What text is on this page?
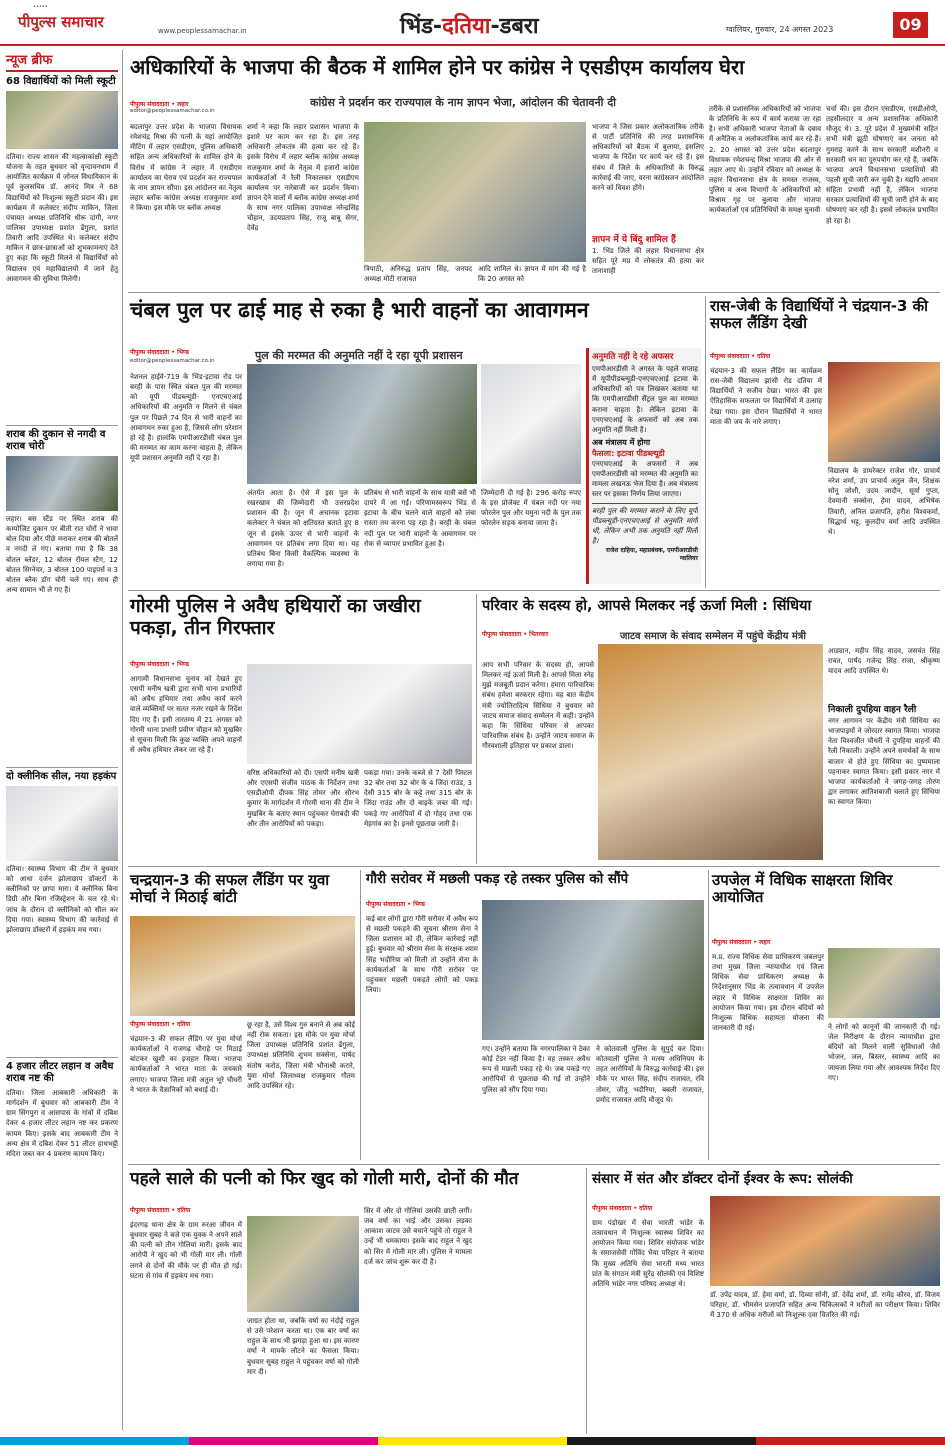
•••••
पीपुल्स समाचार	www.peoplessamachar.in	भिंड-दतिया-डबरा	ग्वालियर, गुरुवार, 24 अगस्त 2023	09
न्यूज ब्रीफ
68 विद्यार्थियों को मिली स्कूटी
दतिया। राज्य शासन की महत्वाकांक्षी स्कूटी योजना के तहत बुधवार को वृन्दावनधाम में आयोजित कार्यक्रम में जोनल विधायिकान के पूर्व कुलसचिव डॉ. आनंद मित्र ने 68 विद्यार्थियों को निःशुल्क स्कूटी प्रदान की। इस कार्यक्रम में कलेक्टर संदीप माकिन, जिला पंचायत अध्यक्ष प्रतिनिधि धीरू दांगी, नगर पालिका उपाध्यक्ष प्रशांत ढेंगुला, प्रशांत तिवारी आदि उपस्थित थे। कलेक्टर संदीप माकिन ने छात्र-छात्राओं को शुभकामनाएं देते हुए कहा कि स्कूटी मिलने से विद्यार्थियों को विद्यालय एवं महाविद्यालयों में जाने हेतु आवागमन की सुविधा मिलेगी।
शराब की दुकान से नगदी व शराब चोरी
लहार। बस स्टैंड पर स्थित शराब की कम्पोजिट दुकान पर बीती रात चोरों ने धावा बोल दिया और पीछे मनाकर शराब की बोतलें व नगदी ले गए। बताया गया है कि 38 बोतल ब्लेंडर, 12 बोतल रॉयल स्टैग, 12 बोतल सिग्नेचर, 3 बोतल 100 पाइपर्स व 3 बोतल ब्लैक डॉग चोरी चले गए। साथ ही अन्य सामान भी ले गए हैं।
दो क्लीनिक सील, नया हड़कंप
दतिया। स्वास्थ्य विभाग की टीम ने बुधवार को आधा दर्जन झोलाछाप डॉक्टरों के क्लीनिकों पर छापा मारा। ये क्लीनिक बिना डिग्री और बिना रजिस्ट्रेशन के चल रहे थे। जांच के दौरान दो क्लीनिकों को सील कर दिया गया। स्वास्थ्य विभाग की कार्रवाई से झोलाछाप डॉक्टरों में हड़कंप मच गया।
4 हजार लीटर लहान व अवैध शराब नष्ट की
दतिया। जिला आबकारी अधिकारी के मार्गदर्शन में बुधवार को आबकारी टीम ने ग्राम सिंगपुरा व आसपास के गांवों में दबिश देकर 4 हजार लीटर लहान नष्ट कर प्रकरण कायम किए। इसके बाद आबकारी टीम ने अन्य क्षेत्र में दबिश देकर 51 लीटर हाथभट्टी मदिरा जब्त कर 4 प्रकरण कायम किए।
अधिकारियों के भाजपा की बैठक में शामिल होने पर कांग्रेस ने एसडीएम कार्यालय घेरा
कांग्रेस ने प्रदर्शन कर राज्यपाल के नाम ज्ञापन भेजा, आंदोलन की चेतावनी दी
पीपुल्स संवाददाता • लहार
editor@peoplessamachar.co.in
बदलापुर उत्तर प्रदेश के भाजपा विधायक रमेशचंद्र मिश्रा की पत्नी के यहां आयोजित मीटिंग में लहार एसडीएम, पुलिस अधिकारी सहित अन्य अधिकारियों के शामिल होने के विरोध में कांग्रेस ने लहार में एसडीएम कार्यालय का घेराव एवं प्रदर्शन कर राज्यपाल के नाम ज्ञापन सौंपा। इस आंदोलन का नेतृत्व लहार ब्लॉक कांग्रेस अध्यक्ष राजकुमार शर्मा ने किया। इस मौके पर ब्लॉक अध्यक्ष
शर्मा ने कहा कि लहार प्रशासन भाजपा के इशारे पर काम कर रहा है। इस तरह अधिकारी लोकतंत्र की हत्या कर रहे हैं। इसके विरोध में लहार ब्लॉक कांग्रेस अध्यक्ष राजकुमार शर्मा के नेतृत्व में हजारों कांग्रेस कार्यकर्ताओं ने रैली निकालकर एसडीएम कार्यालय पर नारेबाजी कर प्रदर्शन किया। ज्ञापन देने वालों में ब्लॉक कांग्रेस अध्यक्ष शर्मा के साथ नगर पालिका उपाध्यक्ष नरेन्द्रसिंह चौहान, उदयप्रताप सिंह, राजू बाबू सेंगर, देवेंद्र
त्रिपाठी, अनिरुद्ध प्रताप सिंह, जनपद अध्यक्ष मोटी राजावत
आदि शामिल थे। ज्ञापन में मांग की गई है कि 20 अगस्त को
भाजपा ने जिस प्रकार अलोकतांत्रिक तरीके से पार्टी प्रतिनिधि की तरह प्रशासनिक अधिकारियों को बैठक में बुलाया, इसलिए भाजपा के निर्देश पर कार्य कर रहे हैं। इस संबंध में जिले के अधिकारियों के विरुद्ध कार्रवाई की जाए, वरना कांग्रेसजन आंदोलित करने को विवश होंगे।
ज्ञापन में ये बिंदु शामिल हैं
1. भिंड जिले की लहार विधानसभा क्षेत्र सहित पूरे मप्र में लोकतंत्र की हत्या कर तानाशाही
तरीके से प्रशासनिक अधिकारियों को भाजपा के प्रतिनिधि के रूप में कार्य कराया जा रहा है। सभी अधिकारी भाजपा नेताओं के दबाव में अनैतिक व अलोकतांत्रिक कार्य कर रहे हैं। 2. 20 अगस्त को उत्तर प्रदेश बदलापुर विधायक रमेशचन्द्र मिश्रा भाजपा की ओर से लहार आए थे। उन्होंने रविवार को अध्यक्ष के लहार विधानसभा क्षेत्र के समस्त राजस्व, पुलिस व अन्य विभागों के अधिकारियों को विश्राम गृह पर बुलाया और भाजपा कार्यकर्ताओं एवं प्रतिनिधियों के समक्ष चुनावी
चर्चा की। इस दौरान एसडीएम, एसडीओपी, तहसीलदार व अन्य प्रशासनिक अधिकारी मौजूद थे। 3. पूरे प्रदेश में मुख्यमंत्री सहित सभी मंत्री झूठी घोषणाएं कर जनता को गुमराह करने के साथ सरकारी मशीनरी व सरकारी धन का दुरुपयोग कर रहे हैं, जबकि भाजपा अपने विधानसभा प्रत्याशियों की पहली सूची जारी कर चुकी है। यद्यपि आचार संहिता प्रभावी नहीं है, लेकिन भाजपा सरकार प्रत्याशियों की सूची जारी होने के बाद घोषणाएं कर रही है। इससे लोकतंत्र प्रभावित हो रहा है।
चंबल पुल पर ढाई माह से रुका है भारी वाहनों का आवागमन
पीपुल्स संवाददाता • भिण्ड
editor@peoplessamachar.co.in	पुल की मरम्मत की अनुमति नहीं दे रहा यूपी प्रशासन
नेशनल हाईवे-719 के भिंड-इटावा रोड पर बरही के पास स्थित चंबल पुल की मरम्मत को यूपी पीडब्ल्यूडी- एनएचएआई अधिकारियों की अनुमति न मिलने से चंबल पुल पर पिछले 74 दिन से भारी वाहनों का आवागमन रुका हुआ है, जिससे लोग परेशान हो रहे हैं। हालांकि एमपीआरडीसी चंबल पुल की मरम्मत का काम करना चाहता है, लेकिन यूपी प्रशासन अनुमति नहीं दे रहा है।
अंतर्गत आता है। ऐसे में इस पुल के रखरखाव की जिम्मेदारी भी उत्तरप्रदेश प्रशासन की है। जून में अचानक इटावा कलेक्टर ने चंबल को क्षतिग्रस्त बताते हुए 8 जून से इसके ऊपर से भारी वाहनों के आवागमन पर प्रतिबंध लगा दिया था। यह प्रतिबंध बिना किसी वैकल्पिक व्यवस्था के लगाया गया है।
प्रतिबंध से भारी वाहनों के साथ यात्री बसें भी दायरे में आ गईं। परिणामस्वरूप भिंड से इटावा के बीच चलने वाले वाहनों को लंबा रास्ता तय करना पड़ रहा है। बरही के चंबल नदी पुल पर भारी वाहनों के आवागमन पर रोक से व्यापार प्रभावित हुआ है।
जिम्मेदारी दी गई है। 296 करोड़ रुपए के इस प्रोजेक्ट में चंबल नदी पर नया फोरलेन पुल और यमुना नदी के पुल तक फोरलेन सड़क बनाया जाना है।
अनुमति नहीं दे रहे अफसर
एमपीआरडीसी ने अगस्त के पहले सप्ताह में यूपीपीडब्ल्यूडी-एनएचएआई इटावा के अधिकारियों को पत्र लिखकर बताया था कि एमपीआरडीसी सैंट्रल पुल का मरम्मत कराना चाहता है। लेकिन इटावा के एनएचएआई के अफसरों को अब तक अनुमति नहीं मिली है।
अब मंत्रालय में होगा
फैसला: इटावा पीडब्ल्यूडी
एनएचएआई के अफसरों ने अब एमपीआरडीसी को मरम्मत की अनुमति का मामला लखनऊ भेज दिया है। अब मंत्रालय स्तर पर इसका निर्णय लिया जाएगा।
बरही पुल की मरम्मत कराने के लिए यूपी पीडब्ल्यूडी-एनएचएआई से अनुमति मांगी थी, लेकिन अभी तक अनुमति नहीं मिली है।
राजेश दाहिया, महाप्रबंधक, एमपीआरडीसी ग्वालियर
रास-जेबी के विद्यार्थियों ने चंद्रयान-3 की सफल लैंडिंग देखी
पीपुल्स संवाददाता • दतिया
चंद्रयान-3 की सफल लैंडिंग का कार्यक्रम रास-जेबी विद्यालय झांसी रोड दतिया में विद्यार्थियों ने सजीव देखा। भारत की इस ऐतिहासिक सफलता पर विद्यार्थियों में उत्साह देखा गया। इस दौरान विद्यार्थियों ने भारत माता की जय के नारे लगाए।
विद्यालय के डायरेक्टर राजेश गोर, प्राचार्य नरेश शर्मा, उप प्राचार्य अतुल जैन, शिक्षक सोनू जोशी, उदय जादौन, सूर्या गुप्ता, देवमानी सक्सेना, हेमा यादव, अभिषेक तिवारी, अनिल प्रजापति, हरीश विश्वकर्मा, सिद्धार्थ भट्ट, कुलदीप वर्मा आदि उपस्थित थे।
गोरमी पुलिस ने अवैध हथियारों का जखीरा पकड़ा, तीन गिरफ्तार
पीपुल्स संवाददाता • भिण्ड
आगामी विधानसभा चुनाव को देखते हुए एसपी मनीष खत्री द्वारा सभी थाना प्रभारियों को अवैध हथियार तथा अवैध कार्य करने वाले व्यक्तियों पर सतत नजर रखने के निर्देश दिए गए हैं। इसी तारतम्य में 21 अगस्त को गोरमी थाना प्रभारी प्रवीण चौहान को मुखबिर से सूचना मिली कि कुछ व्यक्ति अपने वाहनों से अवैध हथियार लेकर जा रहे हैं।
वरिष्ठ अधिकारियों को दी। एसपी मनीष खत्री और एएसपी संजीव पाठक के निर्देशन तथा एसडीओपी दीपक सिंह तोमर और सौरभ कुमार के मार्गदर्शन में गोरमी थाना की टीम ने मुखबिर के बताए स्थान पहुंचकर घेराबंदी की और तीन आरोपियों को पकड़ा।
पकड़ा गया। उनके कब्जे से 7 देसी पिस्टल 32 बोर तथा 32 बोर के 4 जिंदा राउंड, 3 देसी 315 बोर के कट्टे तथा 315 बोर के जिंदा राउंड और दो बाइकें जब्त की गईं। पकड़े गए आरोपियों में दो गोहद तथा एक मेहगांव का है। इनसे पूछताछ जारी है।
परिवार के सदस्य हो, आपसे मिलकर नई ऊर्जा मिली : सिंधिया
पीपुल्स संवाददाता • भितरवार	जाटव समाज के संवाद सम्मेलन में पहुंचे केंद्रीय मंत्री
आप सभी परिवार के सदस्य हो, आपसे मिलकर नई ऊर्जा मिली है। आपसे मिला स्नेह मुझे मजबूती प्रदान करेगा। हमारा पारिवारिक संबंध हमेशा बरकरार रहेगा। यह बात केंद्रीय मंत्री ज्योतिरादित्य सिंधिया ने बुधवार को जाटव समाज संवाद सम्मेलन में कही। उन्होंने कहा कि सिंधिया परिवार से आपका पारिवारिक संबंध है। उन्होंने जाटव समाज के गौरवशाली इतिहास पर प्रकाश डाला।
आड्यान, महीप सिंह यादव, जसवंत सिंह रावत, पार्षद गजेन्द्र सिंह राजा, श्रीकृष्ण यादव आदि उपस्थित थे।
निकाली दुपहिया वाहन रैली
नगर आगमन पर केंद्रीय मंत्री सिंधिया का भाजपाइयों ने जोरदार स्वागत किया। भाजपा नेता विश्वजीत चौधरी ने दुपहिया वाहनों की रैली निकाली। उन्होंने अपने समर्थकों के साथ बाजार से होते हुए सिंधिया का पुष्पमाला पहनाकर स्वागत किया। इसी प्रकार नगर में भाजपा कार्यकर्ताओं ने जगह-जगह तोरण द्वार लगाकर आतिशबाजी चलाते हुए सिंधिया का स्वागत किया।
चन्द्रयान-3 की सफल लैंडिंग पर युवा मोर्चा ने मिठाई बांटी
पीपुल्स संवाददाता • दतिया
चंद्रयान-3 की सफल लैंडिंग पर युवा मोर्चा कार्यकर्ताओं ने राजगढ़ चौराहे पर मिठाई बांटकर खुशी का इजहार किया। भाजपा कार्यकर्ताओं ने भारत माता के जयकारे लगाए। भाजपा जिला मंत्री अतुल भूरे चौधरी ने भारत के वैज्ञानिकों को बधाई दी।
छू रहा है, उसे विश्व गुरु बनाने से अब कोई नहीं रोक सकता। इस मौके पर युवा मोर्चा जिला उपाध्यक्ष प्रतिनिधि प्रशांत ढेंगुला, उपाध्यक्ष प्रतिनिधि शुभम सक्सेना, पार्षद संतोष करोठ, जिला मंत्री भौनाश्री करारे, युवा मोर्चा जिलाध्यक्ष राजकुमार गौतम आदि उपस्थित रहे।
गौरी सरोवर में मछली पकड़ रहे तस्कर पुलिस को सौंपे
पीपुल्स संवाददाता • भिण्ड
कई बार लोगों द्वारा गौरी सरोवर में अवैध रूप से मछली पकड़ने की सूचना श्रीराम सेना ने जिला प्रशासन को दी, लेकिन कार्रवाई नहीं हुई। बुधवार को श्रीराम सेना के संरक्षक श्याम सिंह भदौरिया को मिली तो उन्होंने सेना के कार्यकर्ताओं के साथ गौरी सरोवर पर पहुंचकर मछली पकड़ते लोगों को पकड़ लिया।
गए। उन्होंने बताया कि नगरपालिका ने ठेका कोई टेंडर नहीं किया है। वह तस्कर अवैध रूप से मछली पकड़ रहे थे। जब पकड़े गए आरोपियों से पूछताछ की गई तो उन्होंने पुलिस को सौंप दिया गया।
ने कोतवाली पुलिस के सुपुर्द कर दिया। कोतवाली पुलिस ने मत्स्य अधिनियम के तहत आरोपियों के विरुद्ध कार्रवाई की। इस मौके पर भारत सिंह, संदीप राजावत, रवि तोमर, जीतू भदौरिया, बबली राजावत, प्रमोद राजावत आदि मौजूद थे।
उपजेल में विधिक साक्षरता शिविर आयोजित
पीपुल्स संवाददाता • लहार
म.प्र. राज्य विधिक सेवा प्राधिकरण जबलपुर तथा मुख्य जिला न्यायाधीश एवं जिला विधिक सेवा प्राधिकरण अध्यक्ष के निर्देशानुसार भिंड के तत्वावधान में उपजेल लहार में विधिक साक्षरता शिविर का आयोजन किया गया। इस दौरान बंदियों को निःशुल्क विधिक सहायता योजना की जानकारी दी गई।	ने लोगों को कानूनों की जानकारी दी गई। जेल निरीक्षण के दौरान न्यायाधीश द्वारा बंदियों को मिलने वाली सुविधाओं जैसे भोजन, जल, बिस्तर, स्वास्थ्य आदि का जायजा लिया गया और आवश्यक निर्देश दिए गए।
पहले साले की पत्नी को फिर खुद को गोली मारी, दोनों की मौत
पीपुल्स संवाददाता • दतिया
इंदरगढ़ थाना क्षेत्र के ग्राम रुरआ जीवन में बुधवार सुबह ने बजे एक युवक ने अपने साले की पत्नी को तीन गोलियां मारीं। इसके बाद आरोपी ने खुद को भी गोली मार ली। गोली लगने से दोनों की मौके पर ही मौत हो गई। घटना से गांव में हड़कंप मच गया।
जाग्रत होता था, जबकि वर्षा का नंदोई राहुल से उसे परेशान करता था। एक बार वर्षा का राहुल के साथ भी झगड़ा हुआ था। इस कारण वर्षा ने मायके लौटने का फैसला किया। बुधवार सुबह राहुल ने पहुंचकर वर्षा को गोली मार दी।
सिर में और दो गोलियां उसकी छाती लगीं। जब वर्षा का भाई और उसका लड़का आकाश जाटव उसे बचाने पहुंचे तो राहुल ने उन्हें भी धमकाया। इसके बाद राहुल ने खुद को सिर में गोली मार ली। पुलिस ने मामला दर्ज कर जांच शुरू कर दी है।
संसार में संत और डॉक्टर दोनों ईश्वर के रूप: सोलंकी
पीपुल्स संवाददाता • दतिया
ग्राम पंडोखर में सेवा भारती भांडेर के तत्वावधान में निःशुल्क स्वास्थ्य शिविर का आयोजन किया गया। शिविर संयोजक भांडेर के समाजसेवी गोविंद भैया परिहार ने बताया कि मुख्य अतिथि सेवा भारती मध्य भारत प्रांत के संगठन मंत्री सुरेंद्र सोलंकी एवं विशिष्ट अतिथि भांडेर नगर परिषद अध्यक्ष थे।
डॉ. उपेंद्र यादव, डॉ. हेमा वर्मा, डॉ. दिव्या सोनी, डॉ. देवेंद्र शर्मा, डॉ. रामेंद्र कौरव, डॉ. विजय परिहार, डॉ. भीमसेन प्रजापति सहित अन्य चिकित्सकों ने मरीजों का परीक्षण किया। शिविर में 370 से अधिक मरीजों को निःशुल्क दवा वितरित की गई।
